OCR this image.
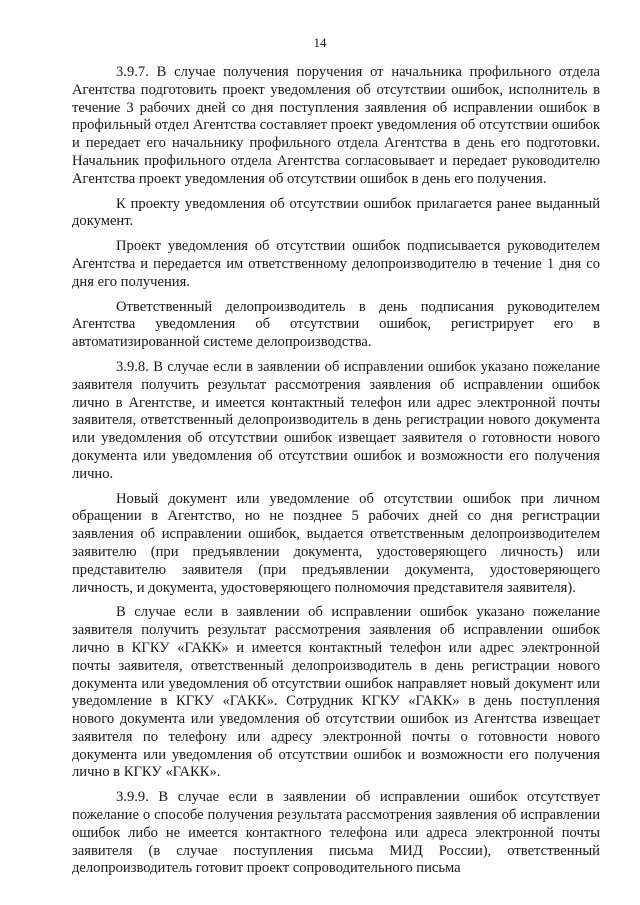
14

3.9.7. В случае получения поручения от начальника профильного отдела Агентства подготовить проект уведомления об отсутствии ошибок, исполнитель в течение 3 рабочих дней со дня поступления заявления об исправлении ошибок в профильный отдел Агентства составляет проект уведомления об отсутствии ошибок и передает его начальнику профильного отдела Агентства в день его подготовки. Начальник профильного отдела Агентства согласовывает и передает руководителю Агентства проект уведомления об отсутствии ошибок в день его получения.

К проекту уведомления об отсутствии ошибок прилагается ранее выданный документ.

Проект уведомления об отсутствии ошибок подписывается руководителем Агентства и передается им ответственному делопроизводителю в течение 1 дня со дня его получения.

Ответственный делопроизводитель в день подписания руководителем Агентства уведомления об отсутствии ошибок, регистрирует его в автоматизированной системе делопроизводства.

3.9.8. В случае если в заявлении об исправлении ошибок указано пожелание заявителя получить результат рассмотрения заявления об исправлении ошибок лично в Агентстве, и имеется контактный телефон или адрес электронной почты заявителя, ответственный делопроизводитель в день регистрации нового документа или уведомления об отсутствии ошибок извещает заявителя о готовности нового документа или уведомления об отсутствии ошибок и возможности его получения лично.

Новый документ или уведомление об отсутствии ошибок при личном обращении в Агентство, но не позднее 5 рабочих дней со дня регистрации заявления об исправлении ошибок, выдается ответственным делопроизводителем заявителю (при предъявлении документа, удостоверяющего личность) или представителю заявителя (при предъявлении документа, удостоверяющего личность, и документа, удостоверяющего полномочия представителя заявителя).

В случае если в заявлении об исправлении ошибок указано пожелание заявителя получить результат рассмотрения заявления об исправлении ошибок лично в КГКУ «ГАКК» и имеется контактный телефон или адрес электронной почты заявителя, ответственный делопроизводитель в день регистрации нового документа или уведомления об отсутствии ошибок направляет новый документ или уведомление в КГКУ «ГАКК». Сотрудник КГКУ «ГАКК» в день поступления нового документа или уведомления об отсутствии ошибок из Агентства извещает заявителя по телефону или адресу электронной почты о готовности нового документа или уведомления об отсутствии ошибок и возможности его получения лично в КГКУ «ГАКК».

3.9.9. В случае если в заявлении об исправлении ошибок отсутствует пожелание о способе получения результата рассмотрения заявления об исправлении ошибок либо не имеется контактного телефона или адреса электронной почты заявителя (в случае поступления письма МИД России), ответственный делопроизводитель готовит проект сопроводительного письма
